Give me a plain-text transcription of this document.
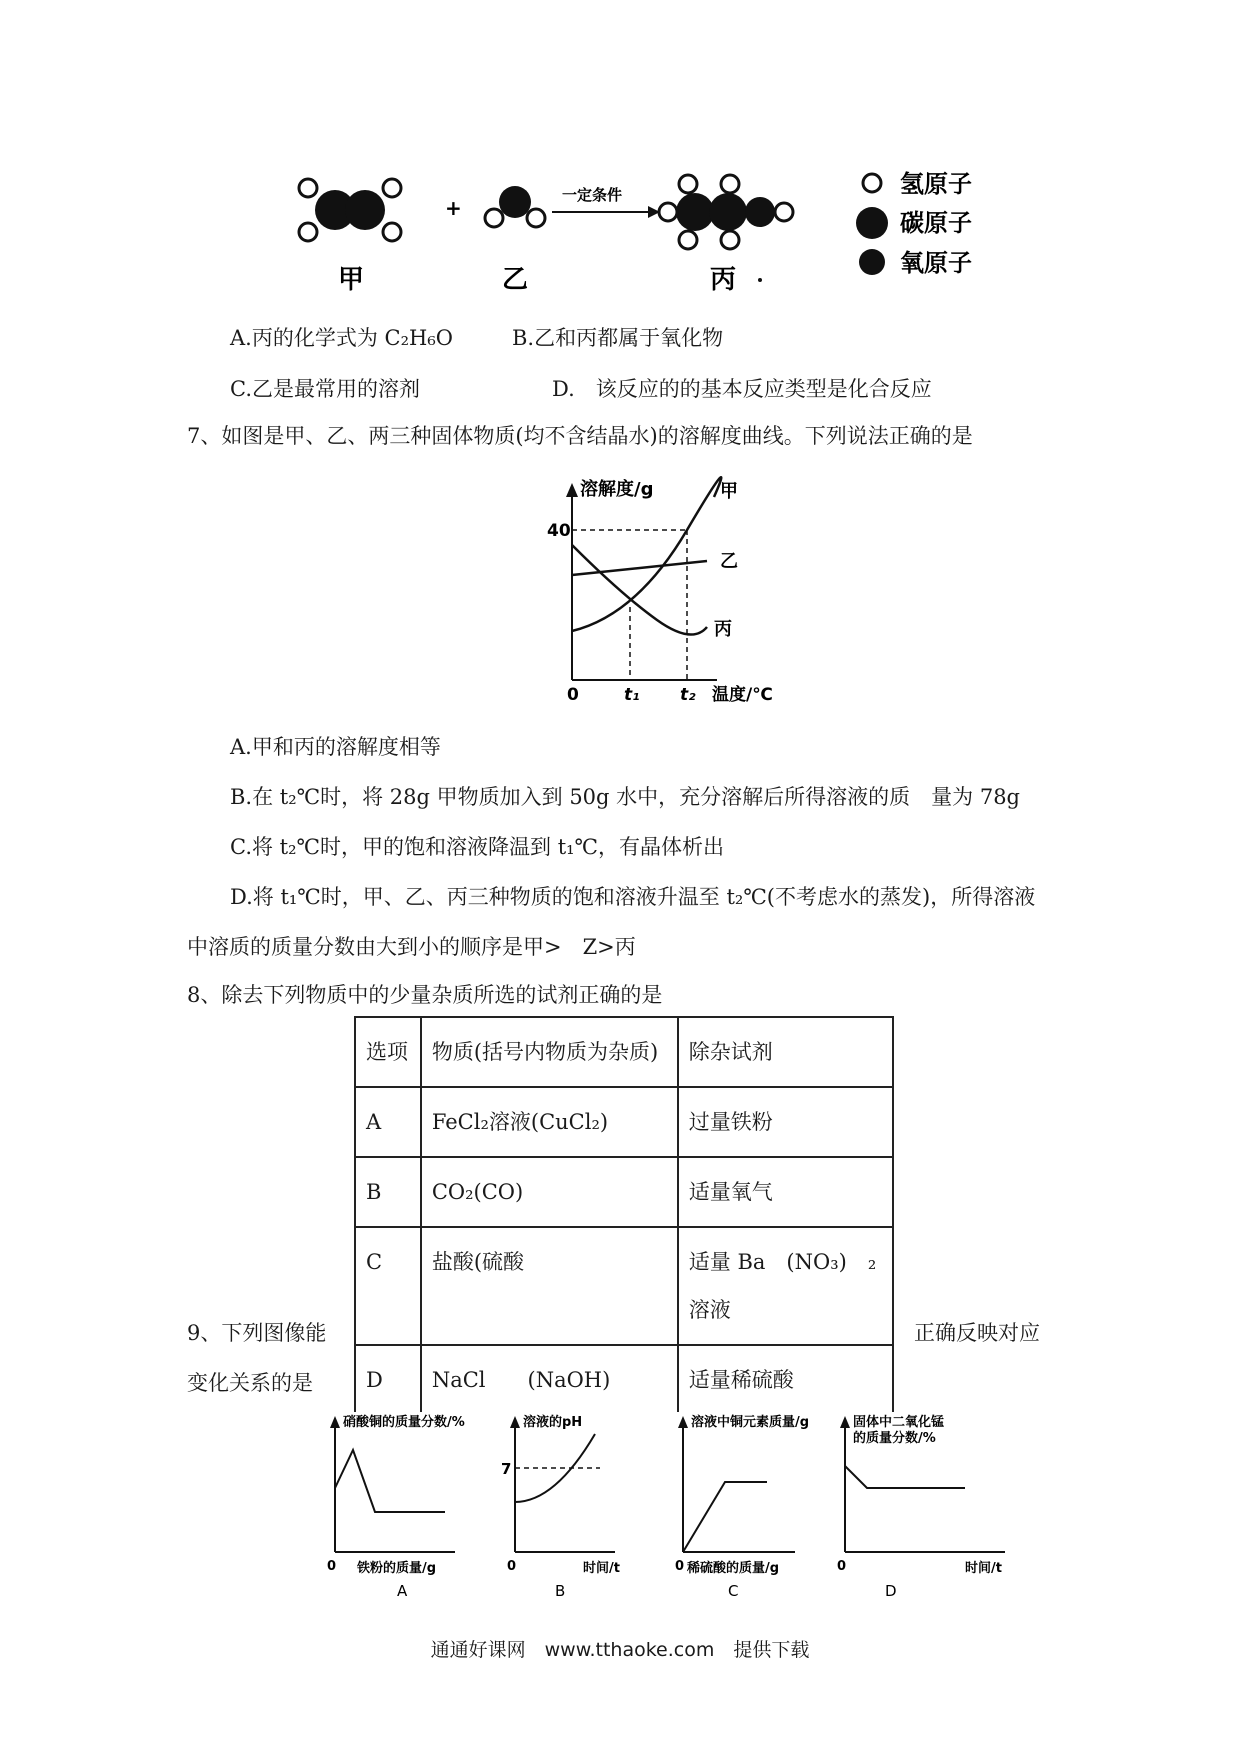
+
一定条件
甲	乙	丙
氢原子
碳原子
氧原子
A.丙的化学式为 C₂H₆O	B.乙和丙都属于氧化物
C.乙是最常用的溶剂	D.　该反应的的基本反应类型是化合反应
7、如图是甲、乙、两三种固体物质(均不含结晶水)的溶解度曲线。下列说法正确的是
溶解度/g
40
0	t₁ t₂ 温度/℃
甲
乙
丙
A.甲和丙的溶解度相等
B.在 t₂℃时，将 28g 甲物质加入到 50g 水中，充分溶解后所得溶液的质　量为 78g
C.将 t₂℃时，甲的饱和溶液降温到 t₁℃，有晶体析出
D.将 t₁℃时，甲、乙、丙三种物质的饱和溶液升温至 t₂℃(不考虑水的蒸发)，所得溶液
中溶质的质量分数由大到小的顺序是甲>　Z>丙
8、除去下列物质中的少量杂质所选的试剂正确的是
选项	物质(括号内物质为杂质)	除杂试剂
A	FeCl₂溶液(CuCl₂)	过量铁粉
B	CO₂(CO)	适量氧气
C	盐酸(硫酸	适量 Ba　(NO₃)　₂溶液
D	NaCl　　(NaOH)	适量稀硫酸
9、下列图像能	正确反映对应
变化关系的是
硝酸铜的质量分数/%
0 铁粉的质量/g
A
溶液的pH
7
0	时间/t
B
溶液中铜元素质量/g
0 稀硫酸的质量/g
C
固体中二氧化锰
的质量分数/%
0	时间/t
D
通通好课网　www.tthaoke.com　提供下载
